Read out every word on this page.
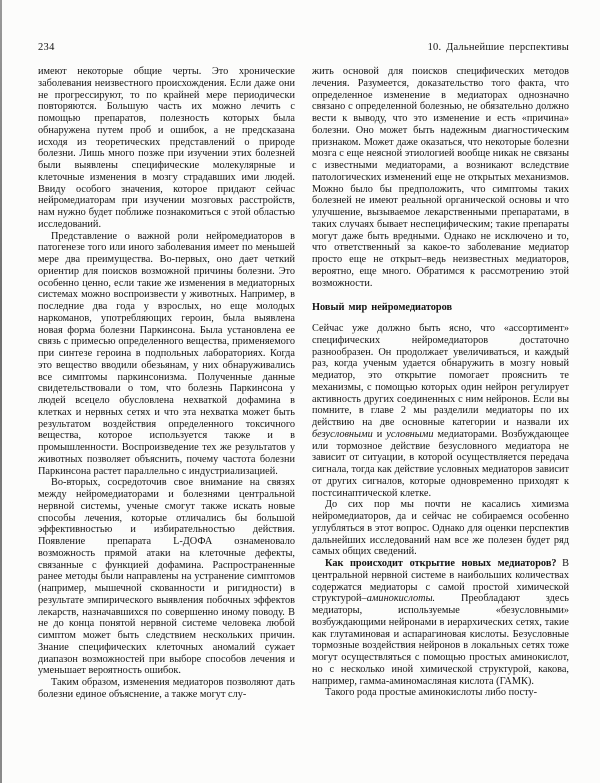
234	10. Дальнейшие перспективы

имеют некоторые общие черты. Это хронические заболевания неизвестного происхождения. Если даже они не прогрессируют, то по крайней мере периодически повторяются. Большую часть их можно лечить с помощью препаратов, полезность которых была обнаружена путем проб и ошибок, а не предсказана исходя из теоретических представлений о природе болезни. Лишь много позже при изучении этих болезней были выявлены специфические молекулярные и клеточные изменения в мозгу страдавших ими людей. Ввиду особого значения, которое придают сейчас нейромедиаторам при изучении мозговых расстройств, нам нужно будет поближе познакомиться с этой областью исследований.

Представление о важной роли нейромедиаторов в патогенезе того или иного заболевания имеет по меньшей мере два преимущества. Во-первых, оно дает четкий ориентир для поисков возможной причины болезни. Это особенно ценно, если такие же изменения в медиаторных системах можно воспроизвести у животных. Например, в последние два года у взрослых, но еще молодых наркоманов, употребляющих героин, была выявлена новая форма болезни Паркинсона. Была установлена ее связь с примесью определенного вещества, применяемого при синтезе героина в подпольных лабораториях. Когда это вещество вводили обезьянам, у них обнаруживались все симптомы паркинсонизма. Полученные данные свидетельствовали о том, что болезнь Паркинсона у людей всецело обусловлена нехваткой дофамина в клетках и нервных сетях и что эта нехватка может быть результатом воздействия определенного токсичного вещества, которое используется также и в промышленности. Воспроизведение тех же результатов у животных позволяет объяснить, почему частота болезни Паркинсона растет параллельно с индустриализацией.

Во-вторых, сосредоточив свое внимание на связях между нейромедиаторами и болезнями центральной нервной системы, ученые смогут также искать новые способы лечения, которые отличались бы большой эффективностью и избирательностью действия. Появление препарата L-ДОФА ознаменовало возможность прямой атаки на клеточные дефекты, связанные с функцией дофамина. Распространенные ранее методы были направлены на устранение симптомов (например, мышечной скованности и ригидности) в результате эмпирического выявления побочных эффектов лекарств, назначавшихся по совершенно иному поводу. В не до конца понятой нервной системе человека любой симптом может быть следствием нескольких причин. Знание специфических клеточных аномалий сужает диапазон возможностей при выборе способов лечения и уменьшает вероятность ошибок.

Таким образом, изменения медиаторов позволяют дать болезни единое объяснение, а также могут слу-

жить основой для поисков специфических методов лечения. Разумеется, доказательство того факта, что определенное изменение в медиаторах однозначно связано с определенной болезнью, не обязательно должно вести к выводу, что это изменение и есть «причина» болезни. Оно может быть надежным диагностическим признаком. Может даже оказаться, что некоторые болезни мозга с еще неясной этиологией вообще никак не связаны с известными медиаторами, а возникают вследствие патологических изменений еще не открытых механизмов. Можно было бы предположить, что симптомы таких болезней не имеют реальной органической основы и что улучшение, вызываемое лекарственными препаратами, в таких случаях бывает неспецифическим; такие препараты могут даже быть вредными. Однако не исключено и то, что ответственный за какое-то заболевание медиатор просто еще не открыт–ведь неизвестных медиаторов, вероятно, еще много. Обратимся к рассмотрению этой возможности.

Новый мир нейромедиаторов

Сейчас уже должно быть ясно, что «ассортимент» специфических нейромедиаторов достаточно разнообразен. Он продолжает увеличиваться, и каждый раз, когда ученым удается обнаружить в мозгу новый медиатор, это открытие помогает прояснить те механизмы, с помощью которых один нейрон регулирует активность других соединенных с ним нейронов. Если вы помните, в главе 2 мы разделили медиаторы по их действию на две основные категории и назвали их безусловными и условными медиаторами. Возбуждающее или тормозное действие безусловного медиатора не зависит от ситуации, в которой осуществляется передача сигнала, тогда как действие условных медиаторов зависит от других сигналов, которые одновременно приходят к постсинаптической клетке.

До сих пор мы почти не касались химизма нейромедиаторов, да и сейчас не собираемся особенно углубляться в этот вопрос. Однако для оценки перспектив дальнейших исследований нам все же полезен будет ряд самых общих сведений.

Как происходит открытие новых медиаторов? В центральной нервной системе в наибольших количествах содержатся медиаторы с самой простой химической структурой–аминокислоты. Преобладают здесь медиаторы, используемые «безусловными» возбуждающими нейронами в иерархических сетях, такие как глутаминовая и аспарагиновая кислоты. Безусловные тормозные воздействия нейронов в локальных сетях тоже могут осуществляться с помощью простых аминокислот, но с несколько иной химической структурой, какова, например, гамма-аминомасляная кислота (ГАМК).

Такого рода простые аминокислоты либо посту-
